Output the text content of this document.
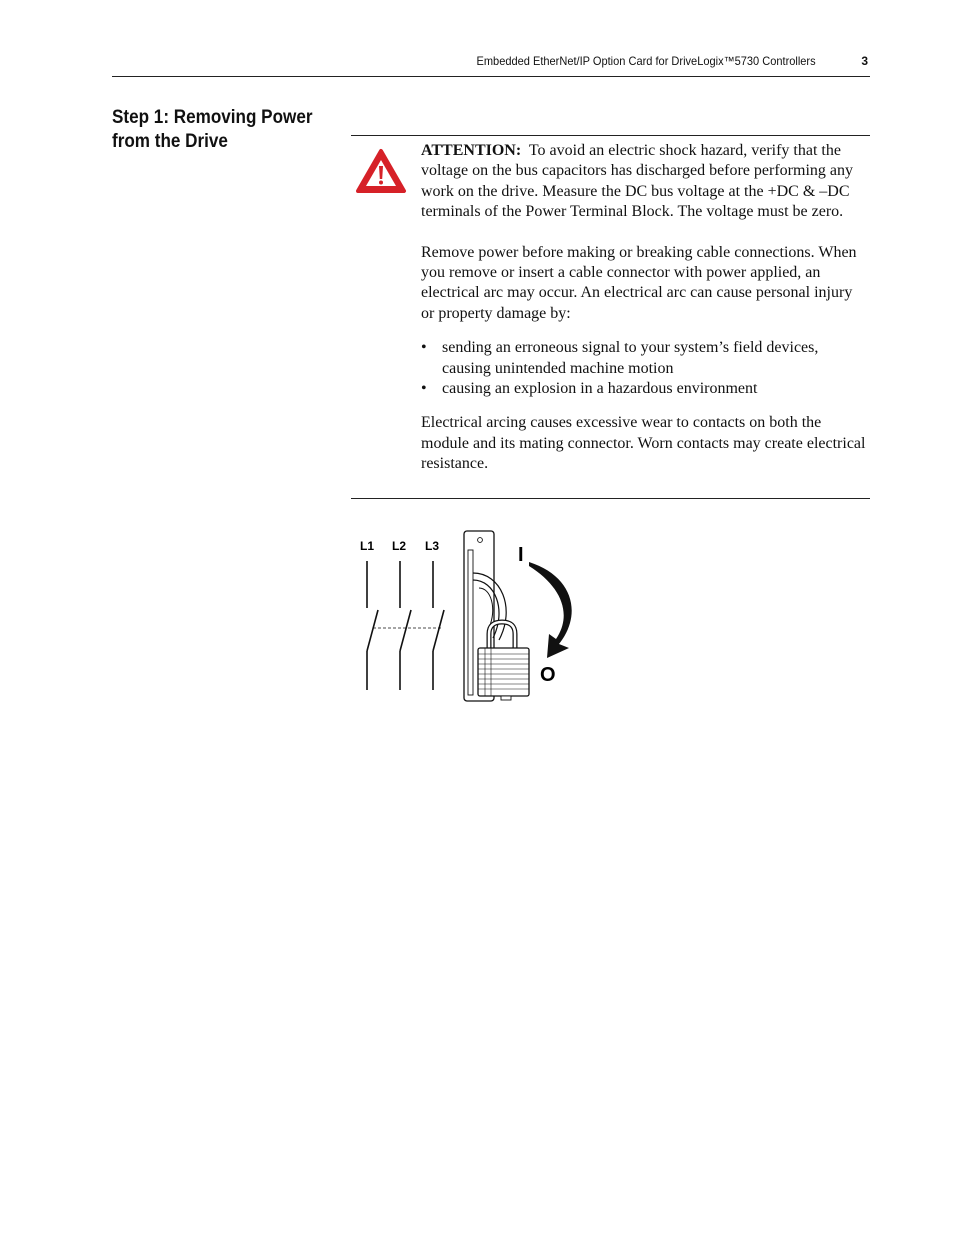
Embedded EtherNet/IP Option Card for DriveLogix™5730 Controllers	3
Step 1: Removing Power from the Drive	ATTENTION: To avoid an electric shock hazard, verify that the voltage on the bus capacitors has discharged before performing any work on the drive. Measure the DC bus voltage at the +DC & –DC terminals of the Power Terminal Block. The voltage must be zero.

Remove power before making or breaking cable connections. When you remove or insert a cable connector with power applied, an electrical arc may occur. An electrical arc can cause personal injury or property damage by:

• sending an erroneous signal to your system’s field devices, causing unintended machine motion
• causing an explosion in a hazardous environment

Electrical arcing causes excessive wear to contacts on both the module and its mating connector. Worn contacts may create electrical resistance.

L1 L2 L3	I
O
